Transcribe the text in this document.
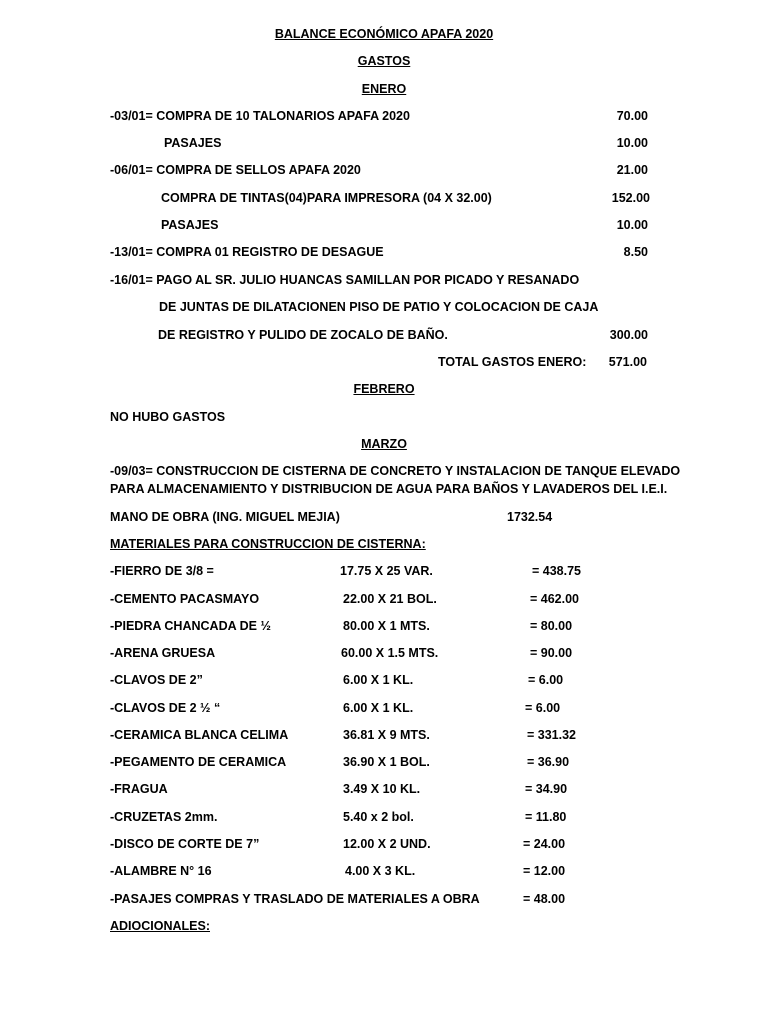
BALANCE ECONÓMICO APAFA 2020
GASTOS
ENERO
-03/01= COMPRA DE 10 TALONARIOS APAFA 2020	70.00
PASAJES	10.00
-06/01= COMPRA DE SELLOS APAFA 2020	21.00
COMPRA DE TINTAS(04)PARA IMPRESORA (04 X 32.00)	152.00
PASAJES	10.00
-13/01= COMPRA 01 REGISTRO DE DESAGUE	8.50
-16/01= PAGO AL SR. JULIO HUANCAS SAMILLAN POR PICADO Y RESANADO
DE JUNTAS DE DILATACIONEN PISO DE PATIO Y COLOCACION DE CAJA
DE REGISTRO Y PULIDO DE ZOCALO DE BAÑO.	300.00
TOTAL GASTOS ENERO: 571.00
FEBRERO
NO HUBO GASTOS
MARZO
-09/03= CONSTRUCCION DE CISTERNA DE CONCRETO Y INSTALACION DE TANQUE ELEVADO
PARA ALMACENAMIENTO Y DISTRIBUCION DE AGUA PARA BAÑOS Y LAVADEROS DEL I.E.I.
MANO DE OBRA (ING. MIGUEL MEJIA)	1732.54
MATERIALES PARA CONSTRUCCION DE CISTERNA:
-FIERRO DE 3/8 =	17.75 X 25 VAR.	= 438.75
-CEMENTO PACASMAYO	22.00 X 21 BOL.	= 462.00
-PIEDRA CHANCADA DE ½	80.00 X 1 MTS.	= 80.00
-ARENA GRUESA	60.00 X 1.5 MTS.	= 90.00
-CLAVOS DE 2”	6.00 X 1 KL.	= 6.00
-CLAVOS DE 2 ½ “	6.00 X 1 KL.	= 6.00
-CERAMICA BLANCA CELIMA	36.81 X 9 MTS.	= 331.32
-PEGAMENTO DE CERAMICA	36.90 X 1 BOL.	= 36.90
-FRAGUA	3.49 X 10 KL.	= 34.90
-CRUZETAS 2mm.	5.40 x 2 bol.	= 11.80
-DISCO DE CORTE DE 7”	12.00 X 2 UND.	= 24.00
-ALAMBRE N° 16	4.00 X 3 KL.	= 12.00
-PASAJES COMPRAS Y TRASLADO DE MATERIALES A OBRA	= 48.00
ADIOCIONALES:
